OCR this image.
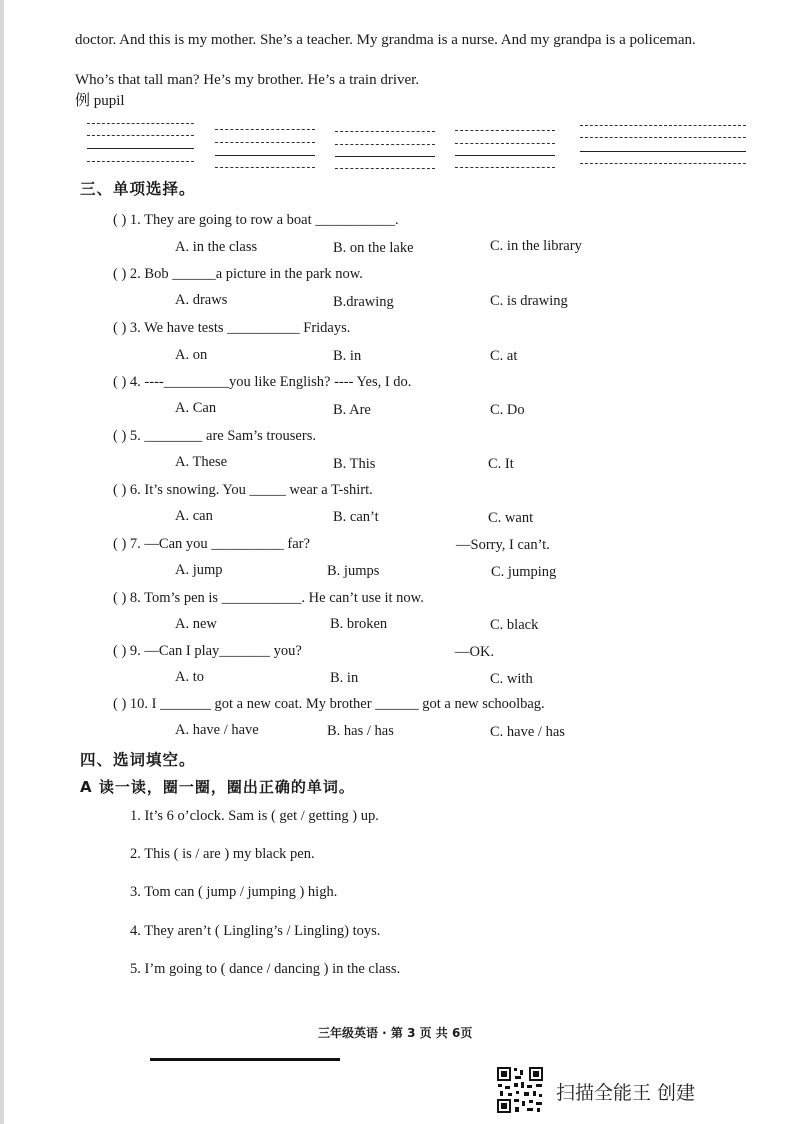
doctor. And this is my mother. She’s a teacher. My grandma is a nurse. And my grandpa is a policeman.
Who’s that tall man? He’s my brother. He’s a train driver.
例 pupil
三、单项选择。
( ) 1. They are going to row a boat ___________.
A. in the class	B. on the lake	C. in the library
( ) 2. Bob ______a picture in the park now.
A. draws	B.drawing	C. is drawing
( ) 3. We have tests __________ Fridays.
A. on	B. in	C. at
( ) 4. ----_________you like English? ---- Yes, I do.
A. Can	B. Are	C. Do
( ) 5. ________ are Sam’s trousers.
A. These	B. This	C. It
( ) 6. It’s snowing. You _____ wear a T-shirt.
A. can	B. can’t	C. want
( ) 7. —Can you __________ far?	—Sorry, I can’t.
A. jump	B. jumps	C. jumping
( ) 8. Tom’s pen is ___________. He can’t use it now.
A. new	B. broken	C. black
( ) 9. —Can I play_______ you?	—OK.
A. to	B. in	C. with
( ) 10. I _______ got a new coat. My brother ______ got a new schoolbag.
A. have / have	B. has / has	C. have / has
四、选词填空。
A 读一读，圈一圈，圈出正确的单词。
1. It’s 6 o’clock. Sam is ( get / getting ) up.
2. This ( is / are ) my black pen.
3. Tom can ( jump / jumping ) high.
4. They aren’t ( Lingling’s / Lingling) toys.
5. I’m going to ( dance / dancing ) in the class.
三年级英语 · 第 3 页 共 6页
扫描全能王 创建
